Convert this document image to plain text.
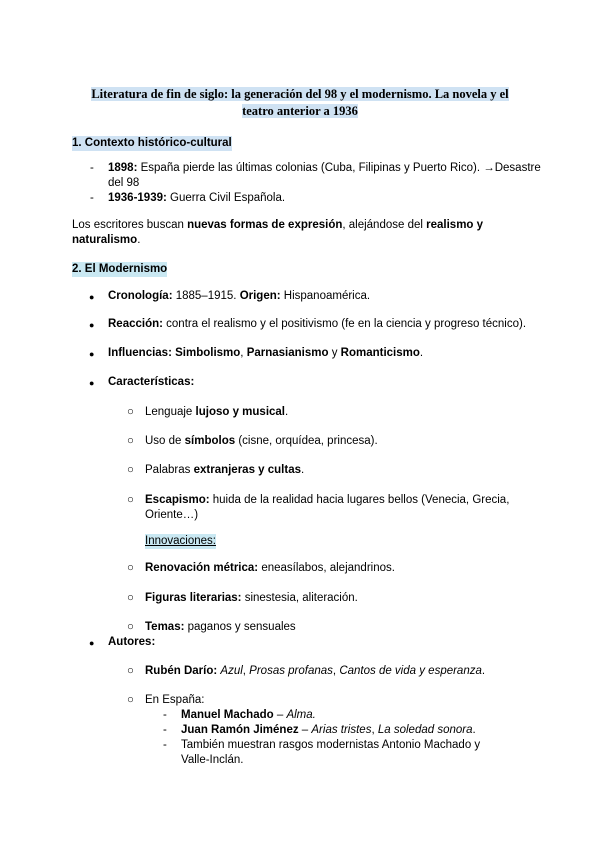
Literatura de fin de siglo: la generación del 98 y el modernismo. La novela y el
teatro anterior a 1936
1. Contexto histórico-cultural
- 1898: España pierde las últimas colonias (Cuba, Filipinas y Puerto Rico). →Desastre
del 98
- 1936-1939: Guerra Civil Española.
Los escritores buscan nuevas formas de expresión, alejándose del realismo y
naturalismo.
2. El Modernismo
● Cronología: 1885–1915. Origen: Hispanoamérica.
● Reacción: contra el realismo y el positivismo (fe en la ciencia y progreso técnico).
● Influencias: Simbolismo, Parnasianismo y Romanticismo.
● Características:
○ Lenguaje lujoso y musical.
○ Uso de símbolos (cisne, orquídea, princesa).
○ Palabras extranjeras y cultas.
○ Escapismo: huida de la realidad hacia lugares bellos (Venecia, Grecia,
Oriente…)
Innovaciones:
○ Renovación métrica: eneasílabos, alejandrinos.
○ Figuras literarias: sinestesia, aliteración.
○ Temas: paganos y sensuales
● Autores:
○ Rubén Darío: Azul, Prosas profanas, Cantos de vida y esperanza.
○ En España:
- Manuel Machado – Alma.
- Juan Ramón Jiménez – Arias tristes, La soledad sonora.
- También muestran rasgos modernistas Antonio Machado y
Valle-Inclán.
